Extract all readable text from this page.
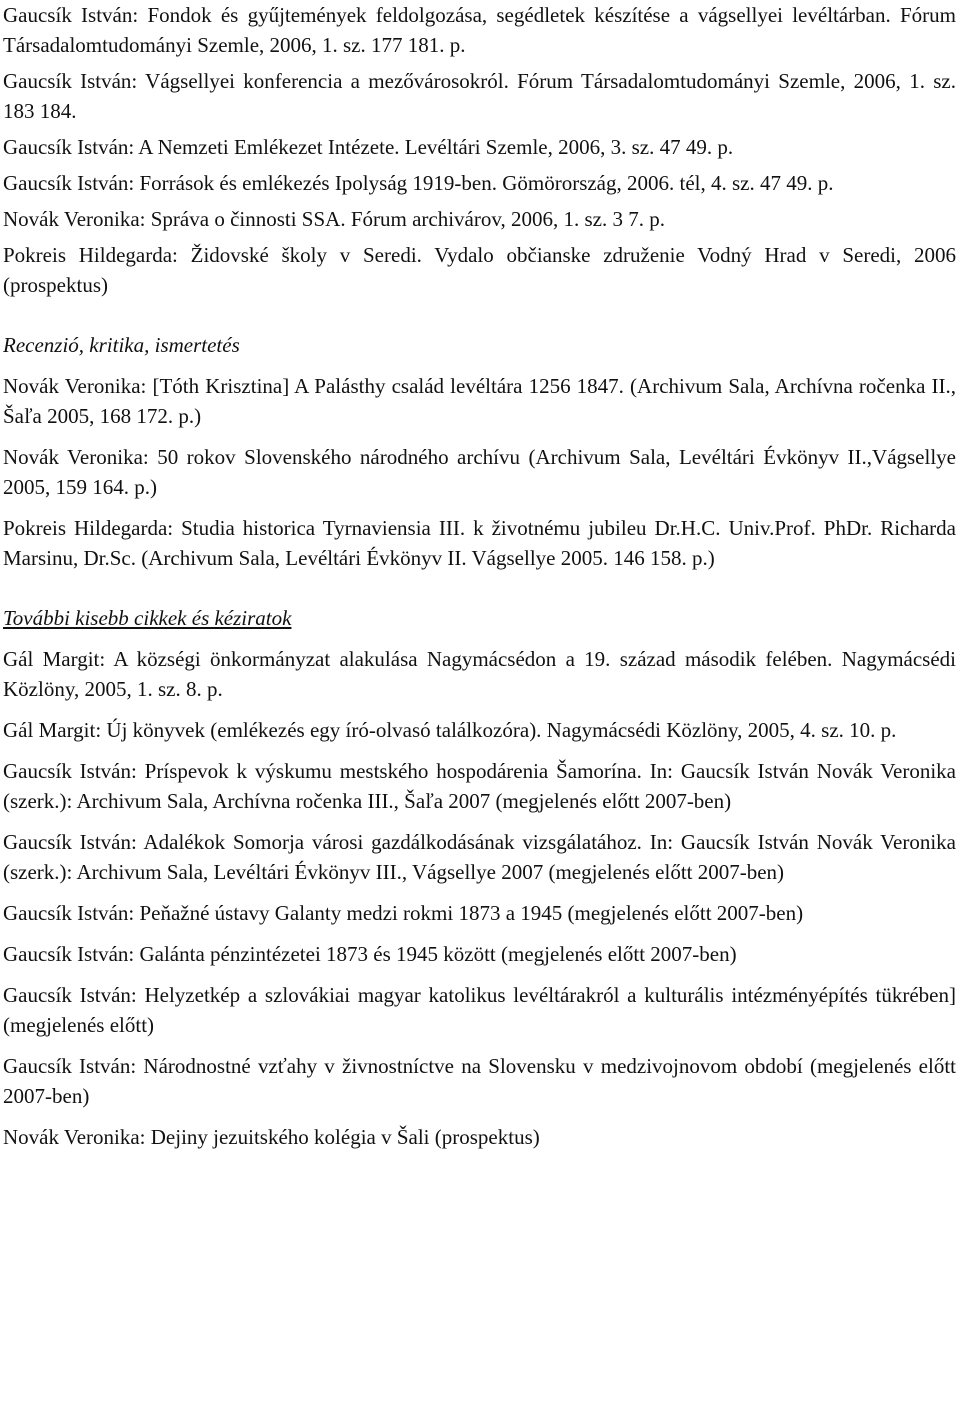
Gaucsík István: Fondok és gyűjtemények feldolgozása, segédletek készítése a vágsellyei levéltárban. Fórum Társadalomtudományi Szemle, 2006, 1. sz. 177 181. p.

Gaucsík István: Vágsellyei konferencia a mezővárosokról. Fórum Társadalomtudományi Szemle, 2006, 1. sz. 183 184.

Gaucsík István: A Nemzeti Emlékezet Intézete. Levéltári Szemle, 2006, 3. sz. 47 49. p.

Gaucsík István: Források és emlékezés Ipolyság 1919-ben. Gömörország, 2006. tél, 4. sz. 47 49. p.

Novák Veronika: Správa o činnosti SSA. Fórum archivárov, 2006, 1. sz. 3 7. p.

Pokreis Hildegarda: Židovské školy v Seredi. Vydalo občianske združenie Vodný Hrad v Seredi, 2006 (prospektus)

Recenzió, kritika, ismertetés

Novák Veronika: [Tóth Krisztina] A Palásthy család levéltára 1256 1847. (Archivum Sala, Archívna ročenka II., Šaľa 2005, 168 172. p.)

Novák Veronika: 50 rokov Slovenského národného archívu (Archivum Sala, Levéltári Évkönyv II.,Vágsellye 2005, 159 164. p.)

Pokreis Hildegarda: Studia historica Tyrnaviensia III. k životnému jubileu Dr.H.C. Univ.Prof. PhDr. Richarda Marsinu, Dr.Sc. (Archivum Sala, Levéltári Évkönyv II. Vágsellye 2005. 146 158. p.)

További kisebb cikkek és kéziratok

Gál Margit: A községi önkormányzat alakulása Nagymácsédon a 19. század második felében. Nagymácsédi Közlöny, 2005, 1. sz. 8. p.

Gál Margit: Új könyvek (emlékezés egy író-olvasó találkozóra). Nagymácsédi Közlöny, 2005, 4. sz. 10. p.

Gaucsík István: Príspevok k výskumu mestského hospodárenia Šamorína. In: Gaucsík István Novák Veronika (szerk.): Archivum Sala, Archívna ročenka III., Šaľa 2007 (megjelenés előtt 2007-ben)

Gaucsík István: Adalékok Somorja városi gazdálkodásának vizsgálatához. In: Gaucsík István Novák Veronika (szerk.): Archivum Sala, Levéltári Évkönyv III., Vágsellye 2007 (megjelenés előtt 2007-ben)

Gaucsík István: Peňažné ústavy Galanty medzi rokmi 1873 a 1945 (megjelenés előtt 2007-ben)

Gaucsík István: Galánta pénzintézetei 1873 és 1945 között (megjelenés előtt 2007-ben)

Gaucsík István: Helyzetkép a szlovákiai magyar katolikus levéltárakról a kulturális intézményépítés tükrében] (megjelenés előtt)

Gaucsík István: Národnostné vzťahy v živnostníctve na Slovensku v medzivojnovom období (megjelenés előtt 2007-ben)

Novák Veronika: Dejiny jezuitského kolégia v Šali (prospektus)
